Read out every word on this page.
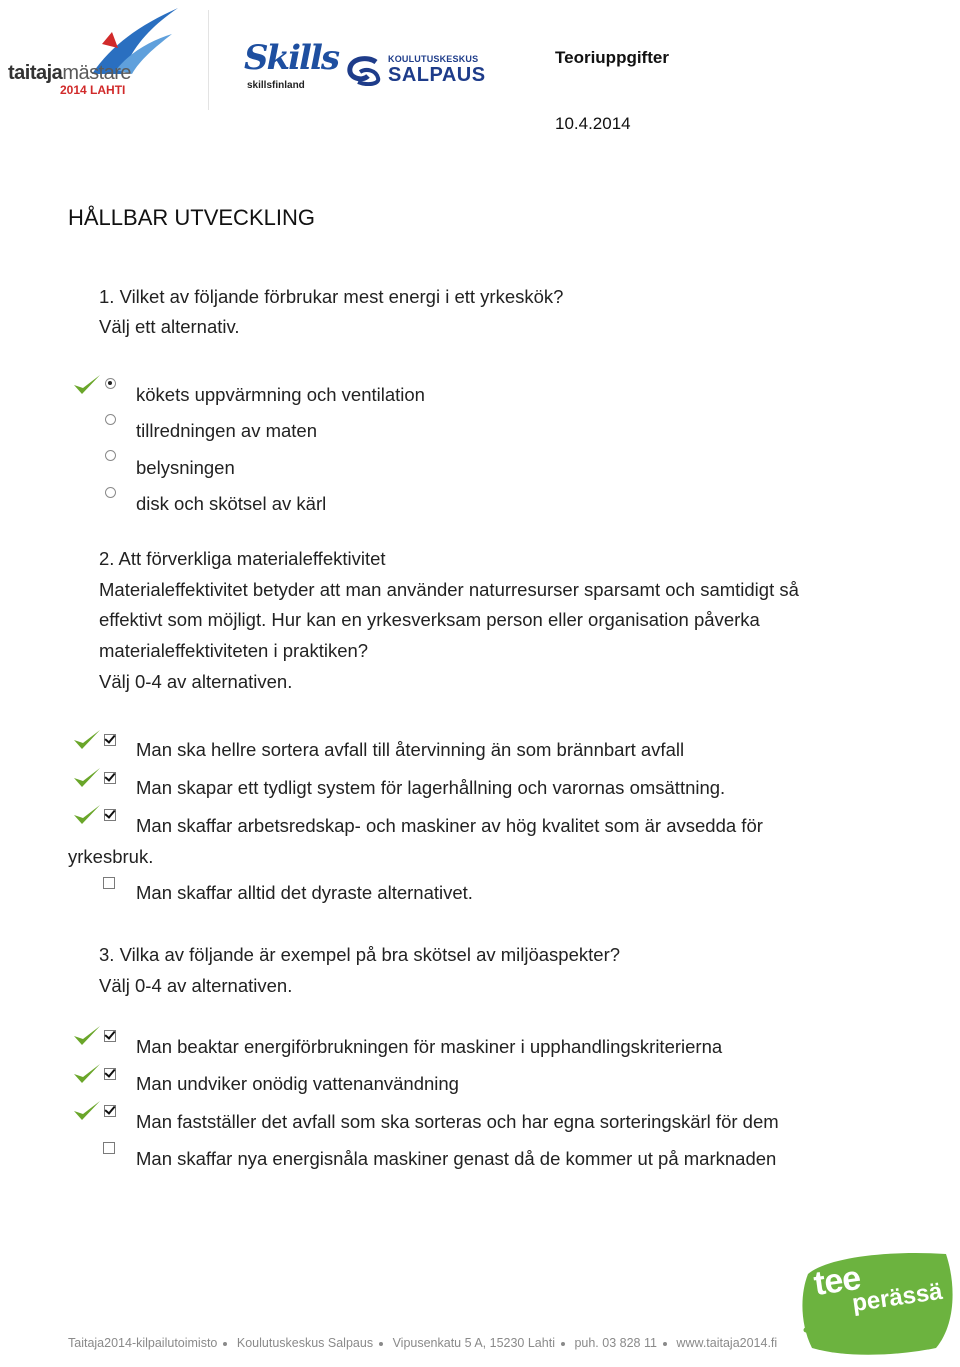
taitajamästare
2014 LAHTI
Skills
skillsfinland
KOULUTUSKESKUS
SALPAUS
Teoriuppgifter
10.4.2014
HÅLLBAR UTVECKLING
1. Vilket av följande förbrukar mest energi i ett yrkeskök?
Välj ett alternativ.
kökets uppvärmning och ventilation
tillredningen av maten
belysningen
disk och skötsel av kärl
2. Att förverkliga materialeffektivitet
Materialeffektivitet betyder att man använder naturresurser sparsamt och samtidigt så
effektivt som möjligt. Hur kan en yrkesverksam person eller organisation påverka
materialeffektiviteten i praktiken?
Välj 0-4 av alternativen.
Man ska hellre sortera avfall till återvinning än som brännbart avfall
Man skapar ett tydligt system för lagerhållning och varornas omsättning.
Man skaffar arbetsredskap- och maskiner av hög kvalitet som är avsedda för
yrkesbruk.
Man skaffar alltid det dyraste alternativet.
3. Vilka av följande är exempel på bra skötsel av miljöaspekter?
Välj 0-4 av alternativen.
Man beaktar energiförbrukningen för maskiner i upphandlingskriterierna
Man undviker onödig vattenanvändning
Man fastställer det avfall som ska sorteras och har egna sorteringskärl för dem
Man skaffar nya energisnåla maskiner genast då de kommer ut på marknaden
Taitaja2014-kilpailutoimisto Koulutuskeskus Salpaus Vipusenkatu 5 A, 15230 Lahti puh. 03 828 11 www.taitaja2014.fi
tee
perässä
